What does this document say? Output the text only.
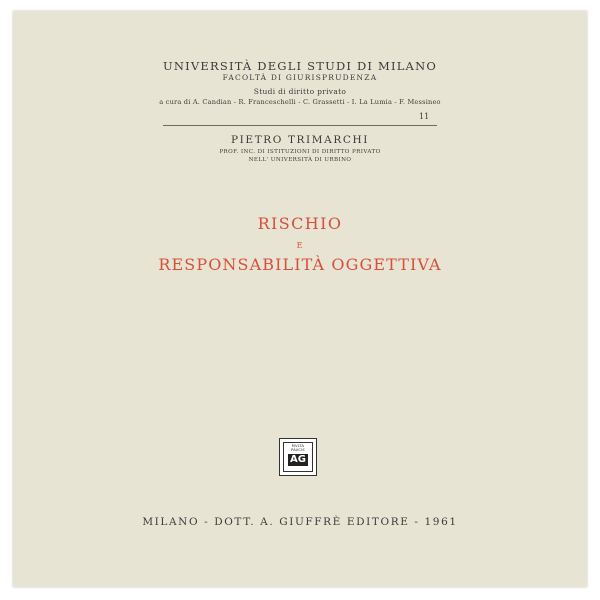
UNIVERSITÀ DEGLI STUDI DI MILANO
FACOLTÀ DI GIURISPRUDENZA
Studi di diritto privato
a cura di A. Candian - R. Franceschelli - C. Grassetti - I. La Lumia - F. Messineo
11
PIETRO TRIMARCHI
PROF. INC. DI ISTITUZIONI DI DIRITTO PRIVATO
NELL' UNIVERSITÀ DI URBINO
RISCHIO
E
RESPONSABILITÀ OGGETTIVA
MVLTA
PAVCIS
AG
MILANO - DOTT. A. GIUFFRÈ EDITORE - 1961
